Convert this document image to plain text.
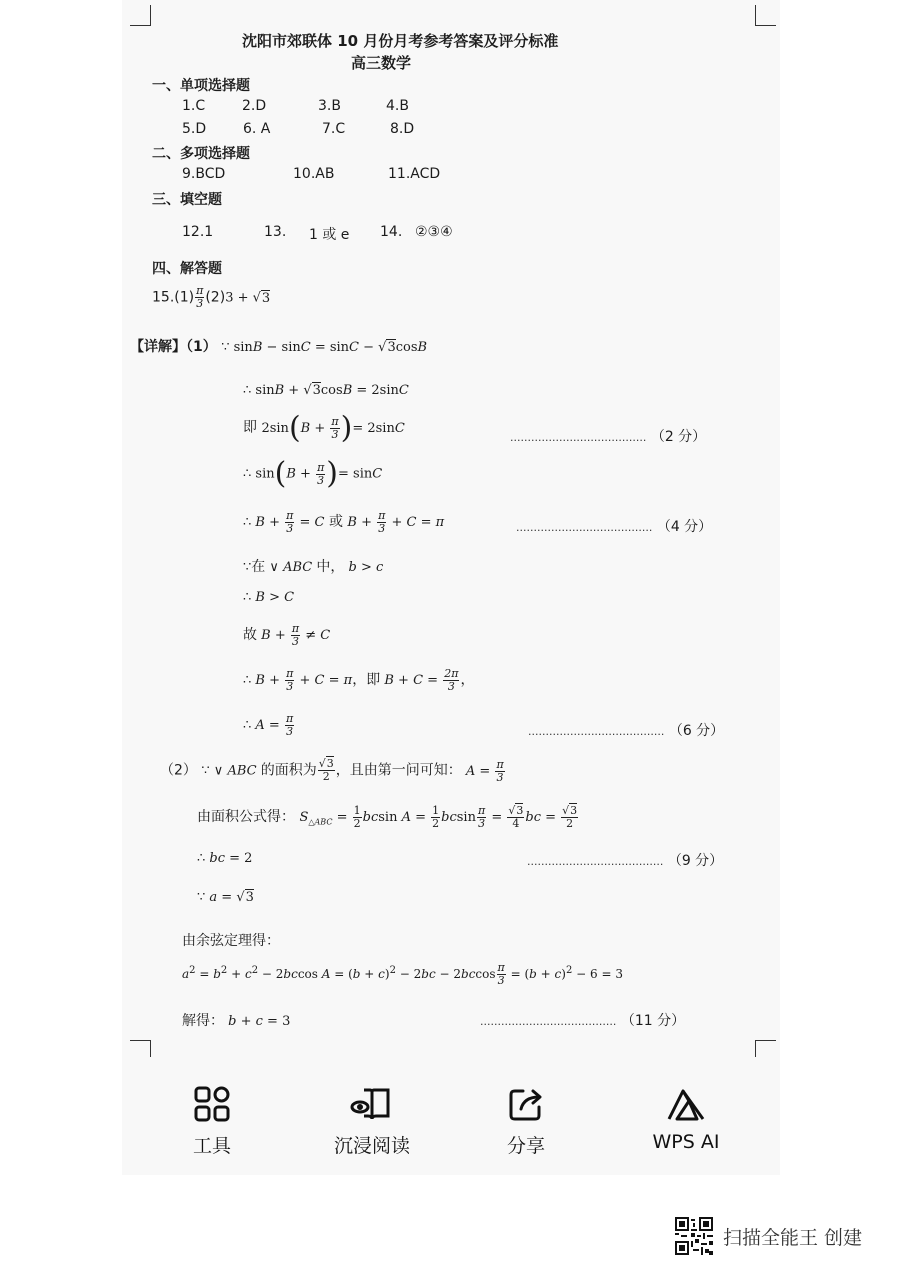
沈阳市郊联体 10 月份月考参考答案及评分标准
高三数学
一、单项选择题
1.C	2.D	3.B	4.B
5.D	6. A	7.C	8.D
二、多项选择题
9.BCD	10.AB	11.ACD
三、填空题
12.1	13. 1 或 e 14. ②③④
四、解答题
$15.(1) \frac{\pi}{3} (2)3 + √3$
【详解】（1） ∵ sinB − sinC = sinC − √3cosB
∴ sinB + √3cosB = 2sinC
即 $2\sin(B + \frac{\pi}{3}$ )= 2sinC
....................................... （2 分）
∴ $\sin(B + \frac{\pi}{3}$ )= sinC
∴ $B + \frac{\pi}{3} = C$ 或 $B + \frac{\pi}{3} + C = \pi$	....................................... （4 分）
∵在 ∨ ABC 中， b > c
∴ B > C
故 $B + \frac{\pi}{3} \ne C$
∴ $B + \frac{\pi}{3} + C = \pi$，即 $B + C = \frac{2\pi}{3}$ ，
∴ $A = \frac{\pi}{3}$	....................................... （6 分）
（2） ∵ ∨ ABC 的面积为 $\frac{√3}{2}$ ，且由第一问可知： $A = \frac{\pi}{3}$
由面积公式得： $S_{\triangle ABC} = \frac{1}{2}$ bcsin $A = \frac{1}{2}$ bcsin $\frac{\pi}{3} = \frac{√3}{4}$ bc = $\frac{√3}{2}$
∴ bc = 2	....................................... （9 分）
∵ a = √3
由余弦定理得：
$a^2 = b^2 + c^2 - 2bccos$ $A = (b + c)^2 - 2bc - 2bccos \frac{\pi}{3} = (b + c)^2 - 6 = 3$
解得： b + c = 3	....................................... （11 分）
工具	沉浸阅读	分享	WPS AI
扫描全能王 创建
